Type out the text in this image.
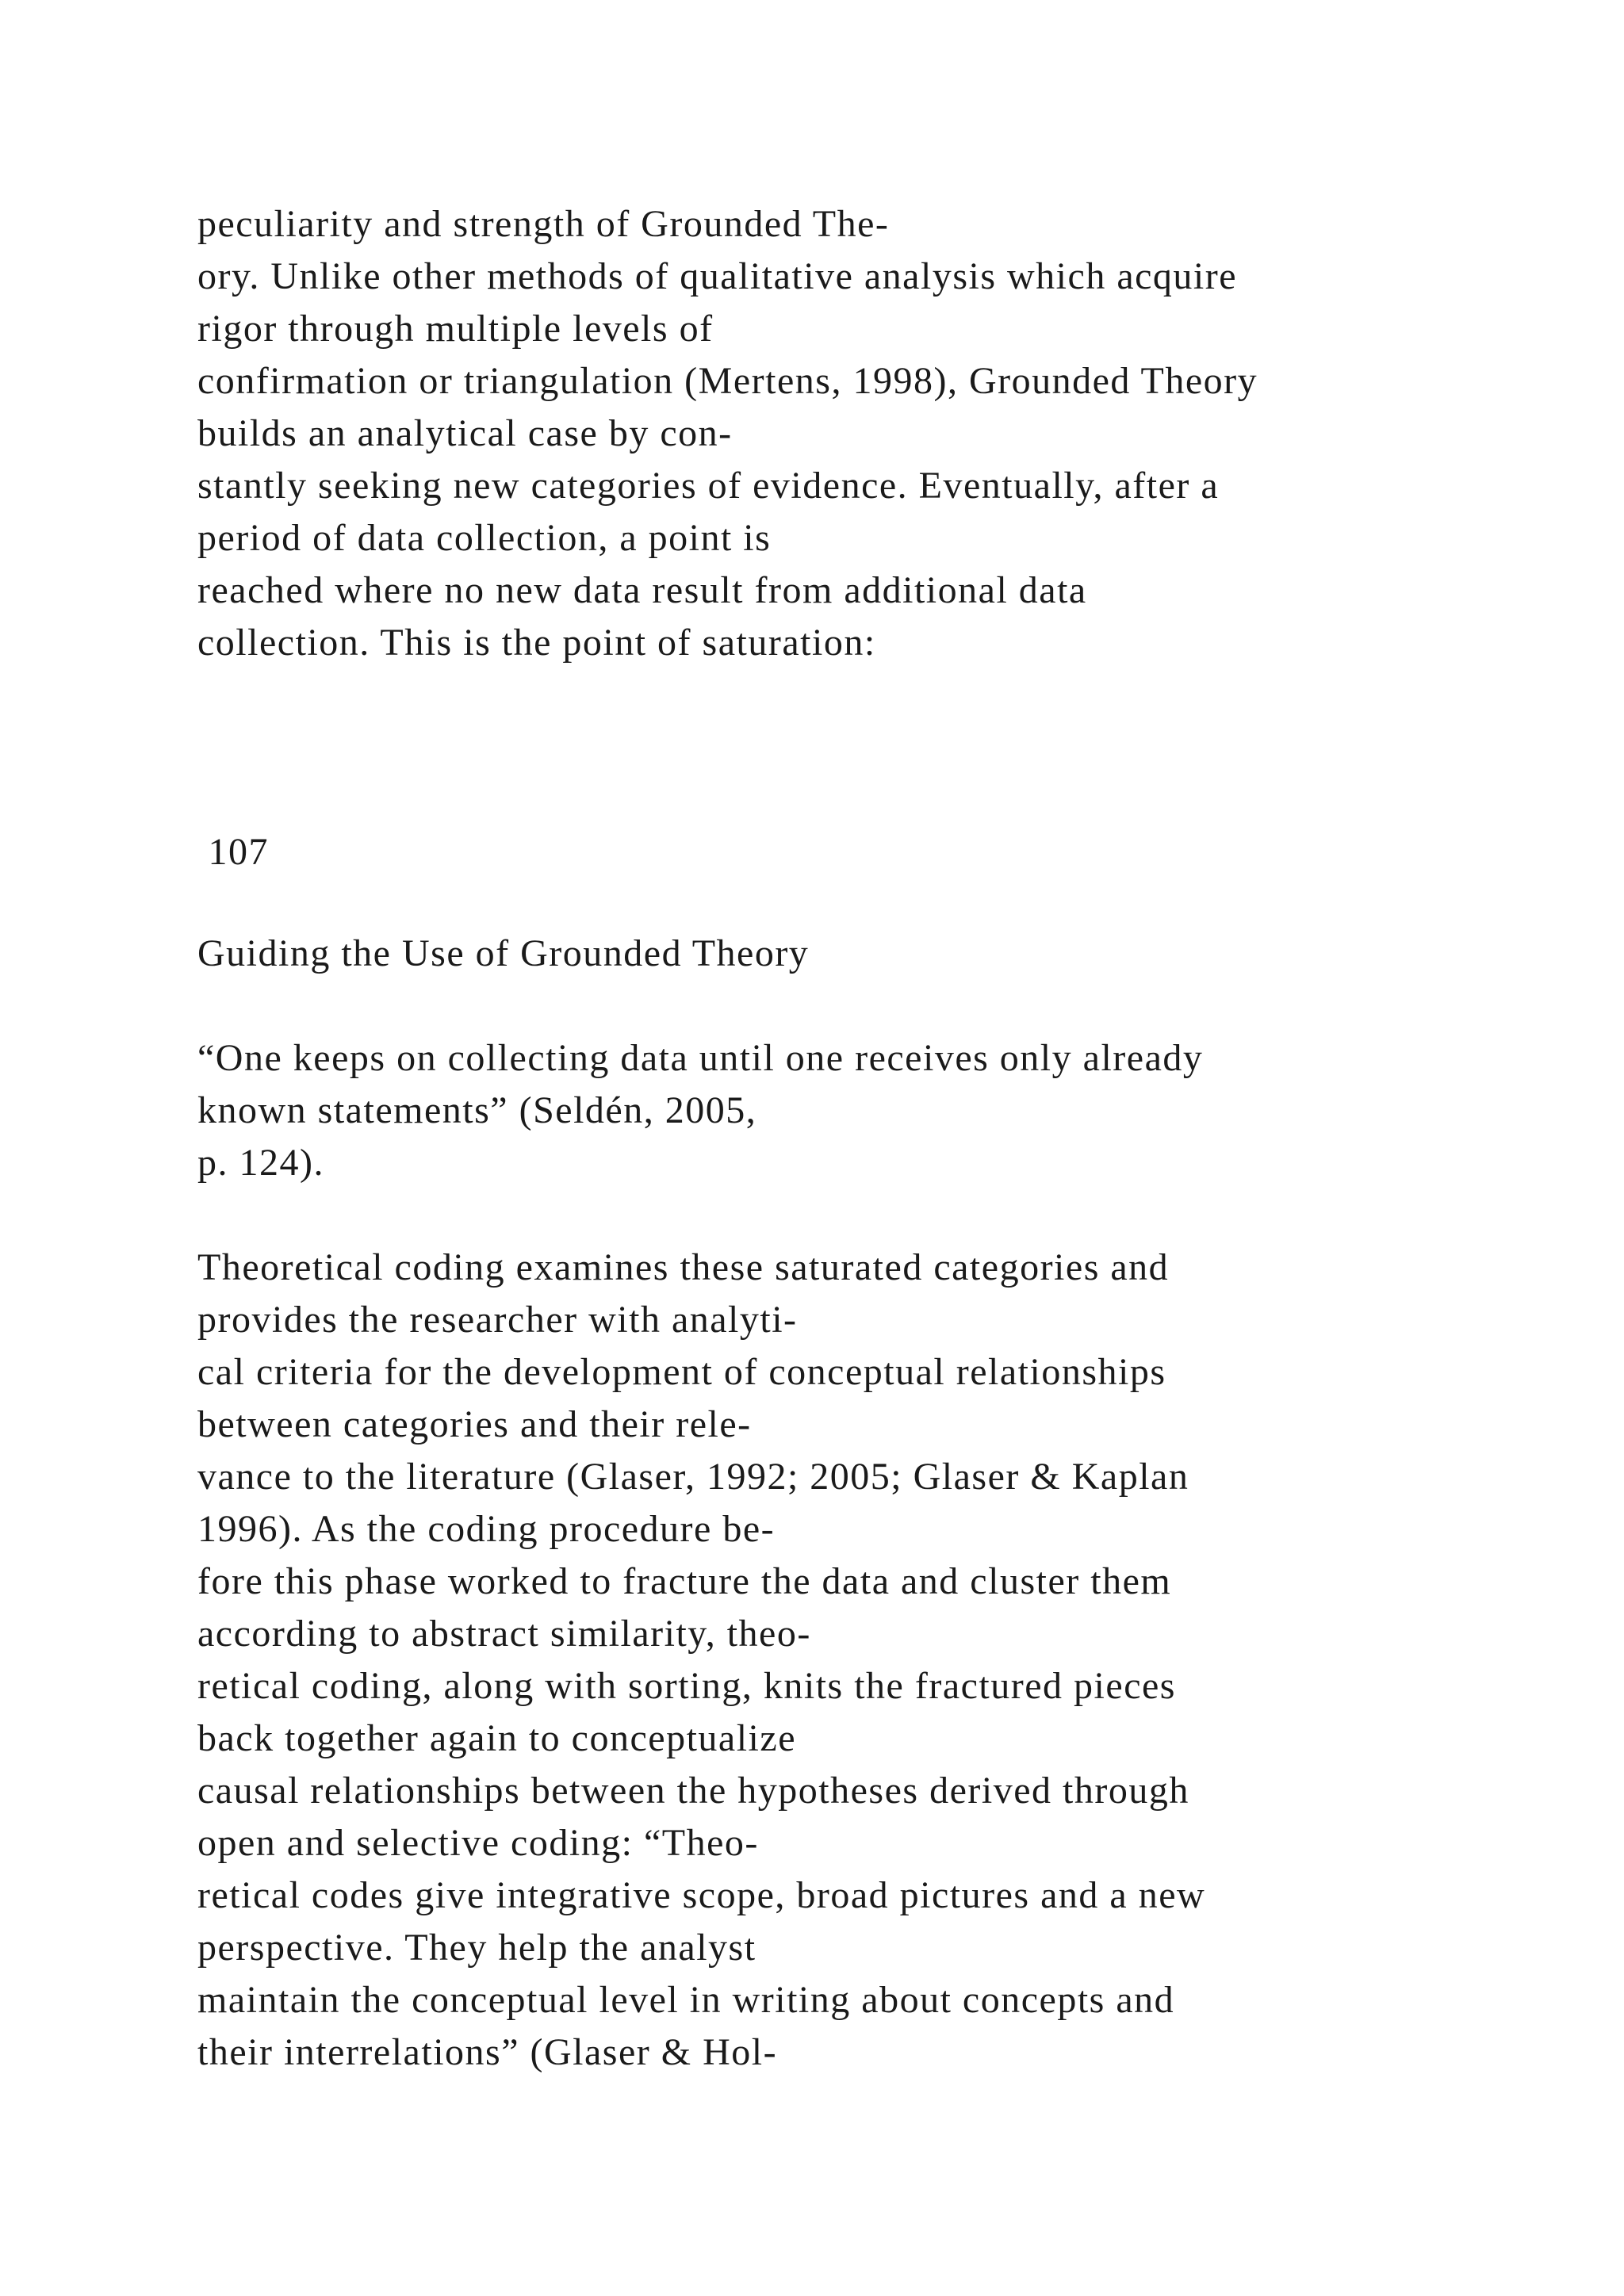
peculiarity and strength of Grounded The-
ory. Unlike other methods of qualitative analysis which acquire
rigor through multiple levels of
confirmation or triangulation (Mertens, 1998), Grounded Theory
builds an analytical case by con-
stantly seeking new categories of evidence. Eventually, after a
period of data collection, a point is
reached where no new data result from additional data
collection. This is the point of saturation:

107

Guiding the Use of Grounded Theory
“One keeps on collecting data until one receives only already
known statements” (Seldén, 2005,
p. 124).
Theoretical coding examines these saturated categories and
provides the researcher with analyti-
cal criteria for the development of conceptual relationships
between categories and their rele-
vance to the literature (Glaser, 1992; 2005; Glaser & Kaplan
1996). As the coding procedure be-
fore this phase worked to fracture the data and cluster them
according to abstract similarity, theo-
retical coding, along with sorting, knits the fractured pieces
back together again to conceptualize
causal relationships between the hypotheses derived through
open and selective coding: “Theo-
retical codes give integrative scope, broad pictures and a new
perspective. They help the analyst
maintain the conceptual level in writing about concepts and
their interrelations” (Glaser & Hol-
